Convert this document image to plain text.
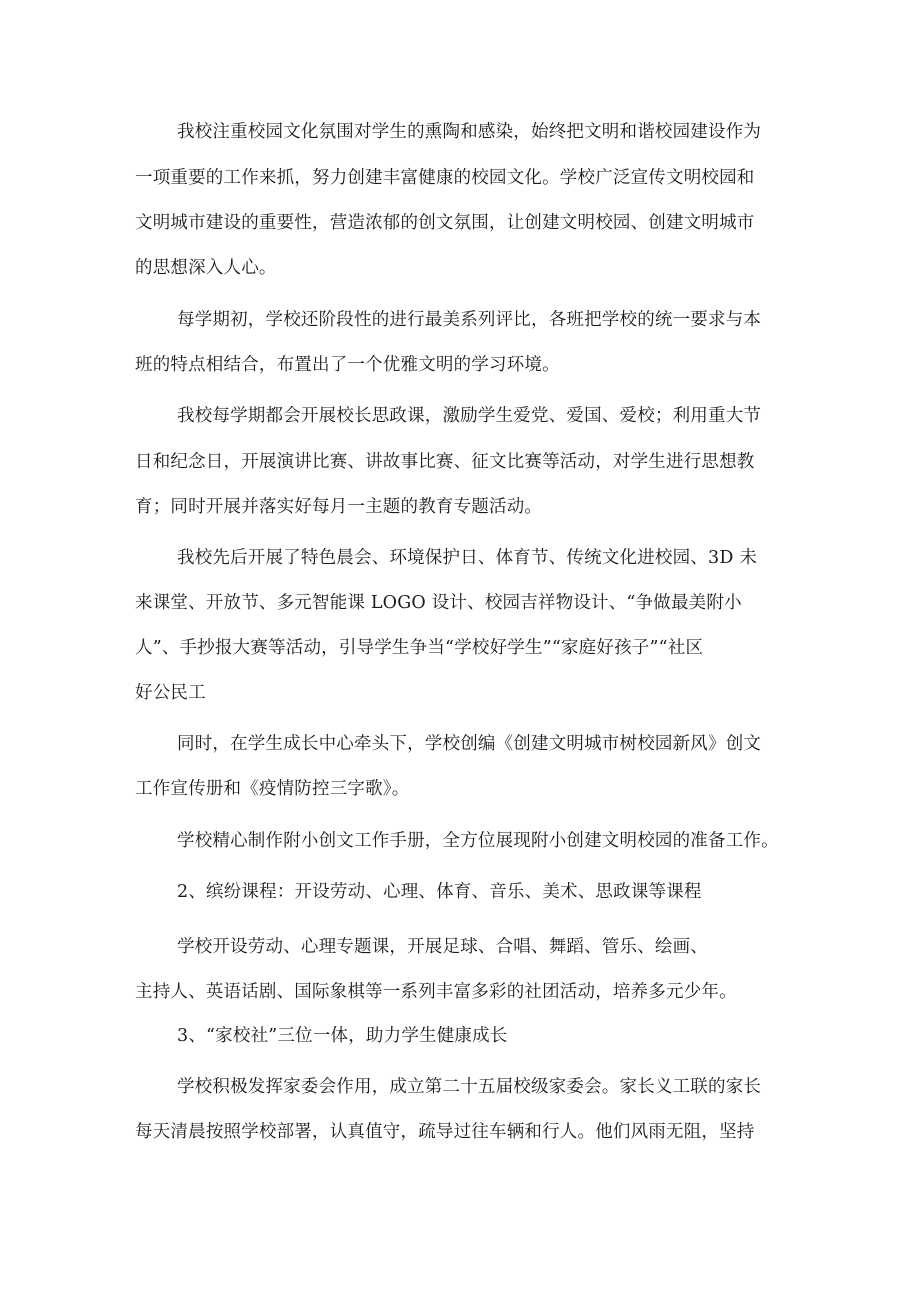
我校注重校园文化氛围对学生的熏陶和感染，始终把文明和谐校园建设作为
一项重要的工作来抓，努力创建丰富健康的校园文化。学校广泛宣传文明校园和
文明城市建设的重要性，营造浓郁的创文氛围，让创建文明校园、创建文明城市
的思想深入人心。
每学期初，学校还阶段性的进行最美系列评比，各班把学校的统一要求与本
班的特点相结合，布置出了一个优雅文明的学习环境。
我校每学期都会开展校长思政课，激励学生爱党、爱国、爱校；利用重大节
日和纪念日，开展演讲比赛、讲故事比赛、征文比赛等活动，对学生进行思想教
育；同时开展并落实好每月一主题的教育专题活动。
我校先后开展了特色晨会、环境保护日、体育节、传统文化进校园、3D 未
来课堂、开放节、多元智能课 LOGO 设计、校园吉祥物设计、“争做最美附小
人”、手抄报大赛等活动，引导学生争当“学校好学生”“家庭好孩子”“社区
好公民工
同时，在学生成长中心牵头下，学校创编《创建文明城市树校园新风》创文
工作宣传册和《疫情防控三字歌》。
学校精心制作附小创文工作手册，全方位展现附小创建文明校园的准备工作。
2、缤纷课程：开设劳动、心理、体育、音乐、美术、思政课等课程
学校开设劳动、心理专题课，开展足球、合唱、舞蹈、管乐、绘画、
主持人、英语话剧、国际象棋等一系列丰富多彩的社团活动，培养多元少年。
3、“家校社”三位一体，助力学生健康成长
学校积极发挥家委会作用，成立第二十五届校级家委会。家长义工联的家长
每天清晨按照学校部署，认真值守，疏导过往车辆和行人。他们风雨无阻，坚持
